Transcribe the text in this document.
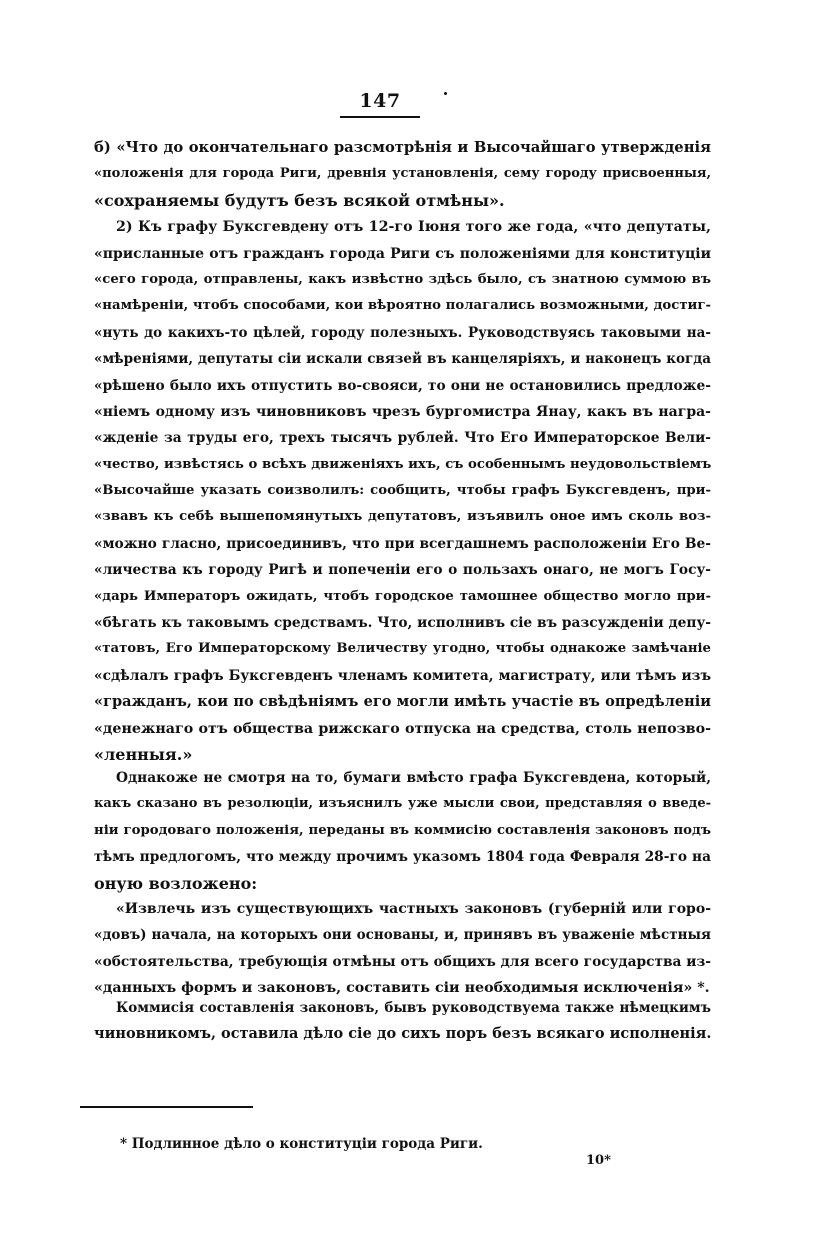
147
б) «Что до окончательнаго разсмотрѣнія и Высочайшаго утвержденія
«положенія для города Риги, древнія установленія, сему городу присвоенныя,
«сохраняемы будутъ безъ всякой отмѣны».
2) Къ графу Буксгевдену отъ 12-го Іюня того же года, «что депутаты,
«присланные отъ гражданъ города Риги съ положеніями для конституціи
«сего города, отправлены, какъ извѣстно здѣсь было, съ знатною суммою въ
«намѣреніи, чтобъ способами, кои вѣроятно полагались возможными, достиг-
«нуть до какихъ-то цѣлей, городу полезныхъ. Руководствуясь таковыми на-
«мѣреніями, депутаты сіи искали связей въ канцеляріяхъ, и наконецъ когда
«рѣшено было ихъ отпустить во-свояси, то они не остановились предложе-
«ніемъ одному изъ чиновниковъ чрезъ бургомистра Янау, какъ въ награ-
«жденіе за труды его, трехъ тысячъ рублей. Что Его Императорское Вели-
«чество, извѣстясь о всѣхъ движеніяхъ ихъ, съ особеннымъ неудовольствіемъ
«Высочайше указать соизволилъ: сообщить, чтобы графъ Буксгевденъ, при-
«звавъ къ себѣ вышепомянутыхъ депутатовъ, изъявилъ оное имъ сколь воз-
«можно гласно, присоединивъ, что при всегдашнемъ расположеніи Его Ве-
«личества къ городу Ригѣ и попеченіи его о пользахъ онаго, не могъ Госу-
«дарь Императоръ ожидать, чтобъ городское тамошнее общество могло при-
«бѣгать къ таковымъ средствамъ. Что, исполнивъ сіе въ разсужденіи депу-
«татовъ, Его Императорскому Величеству угодно, чтобы однакоже замѣчаніе
«сдѣлалъ графъ Буксгевденъ членамъ комитета, магистрату, или тѣмъ изъ
«гражданъ, кои по свѣдѣніямъ его могли имѣть участіе въ опредѣленіи
«денежнаго отъ общества рижскаго отпуска на средства, столь непозво-
«ленныя.»
Однакоже не смотря на то, бумаги вмѣсто графа Буксгевдена, который,
какъ сказано въ резолюціи, изъяснилъ уже мысли свои, представляя о введе-
ніи городоваго положенія, переданы въ коммисію составленія законовъ подъ
тѣмъ предлогомъ, что между прочимъ указомъ 1804 года Февраля 28-го на
оную возложено:
«Извлечь изъ существующихъ частныхъ законовъ (губерній или горо-
«довъ) начала, на которыхъ они основаны, и, принявъ въ уваженіе мѣстныя
«обстоятельства, требующія отмѣны отъ общихъ для всего государства из-
«данныхъ формъ и законовъ, составить сіи необходимыя исключенія» *.
Коммисія составленія законовъ, бывъ руководствуема также нѣмецкимъ
чиновникомъ, оставила дѣло сіе до сихъ поръ безъ всякаго исполненія.
* Подлинное дѣло о конституціи города Риги.
10*
